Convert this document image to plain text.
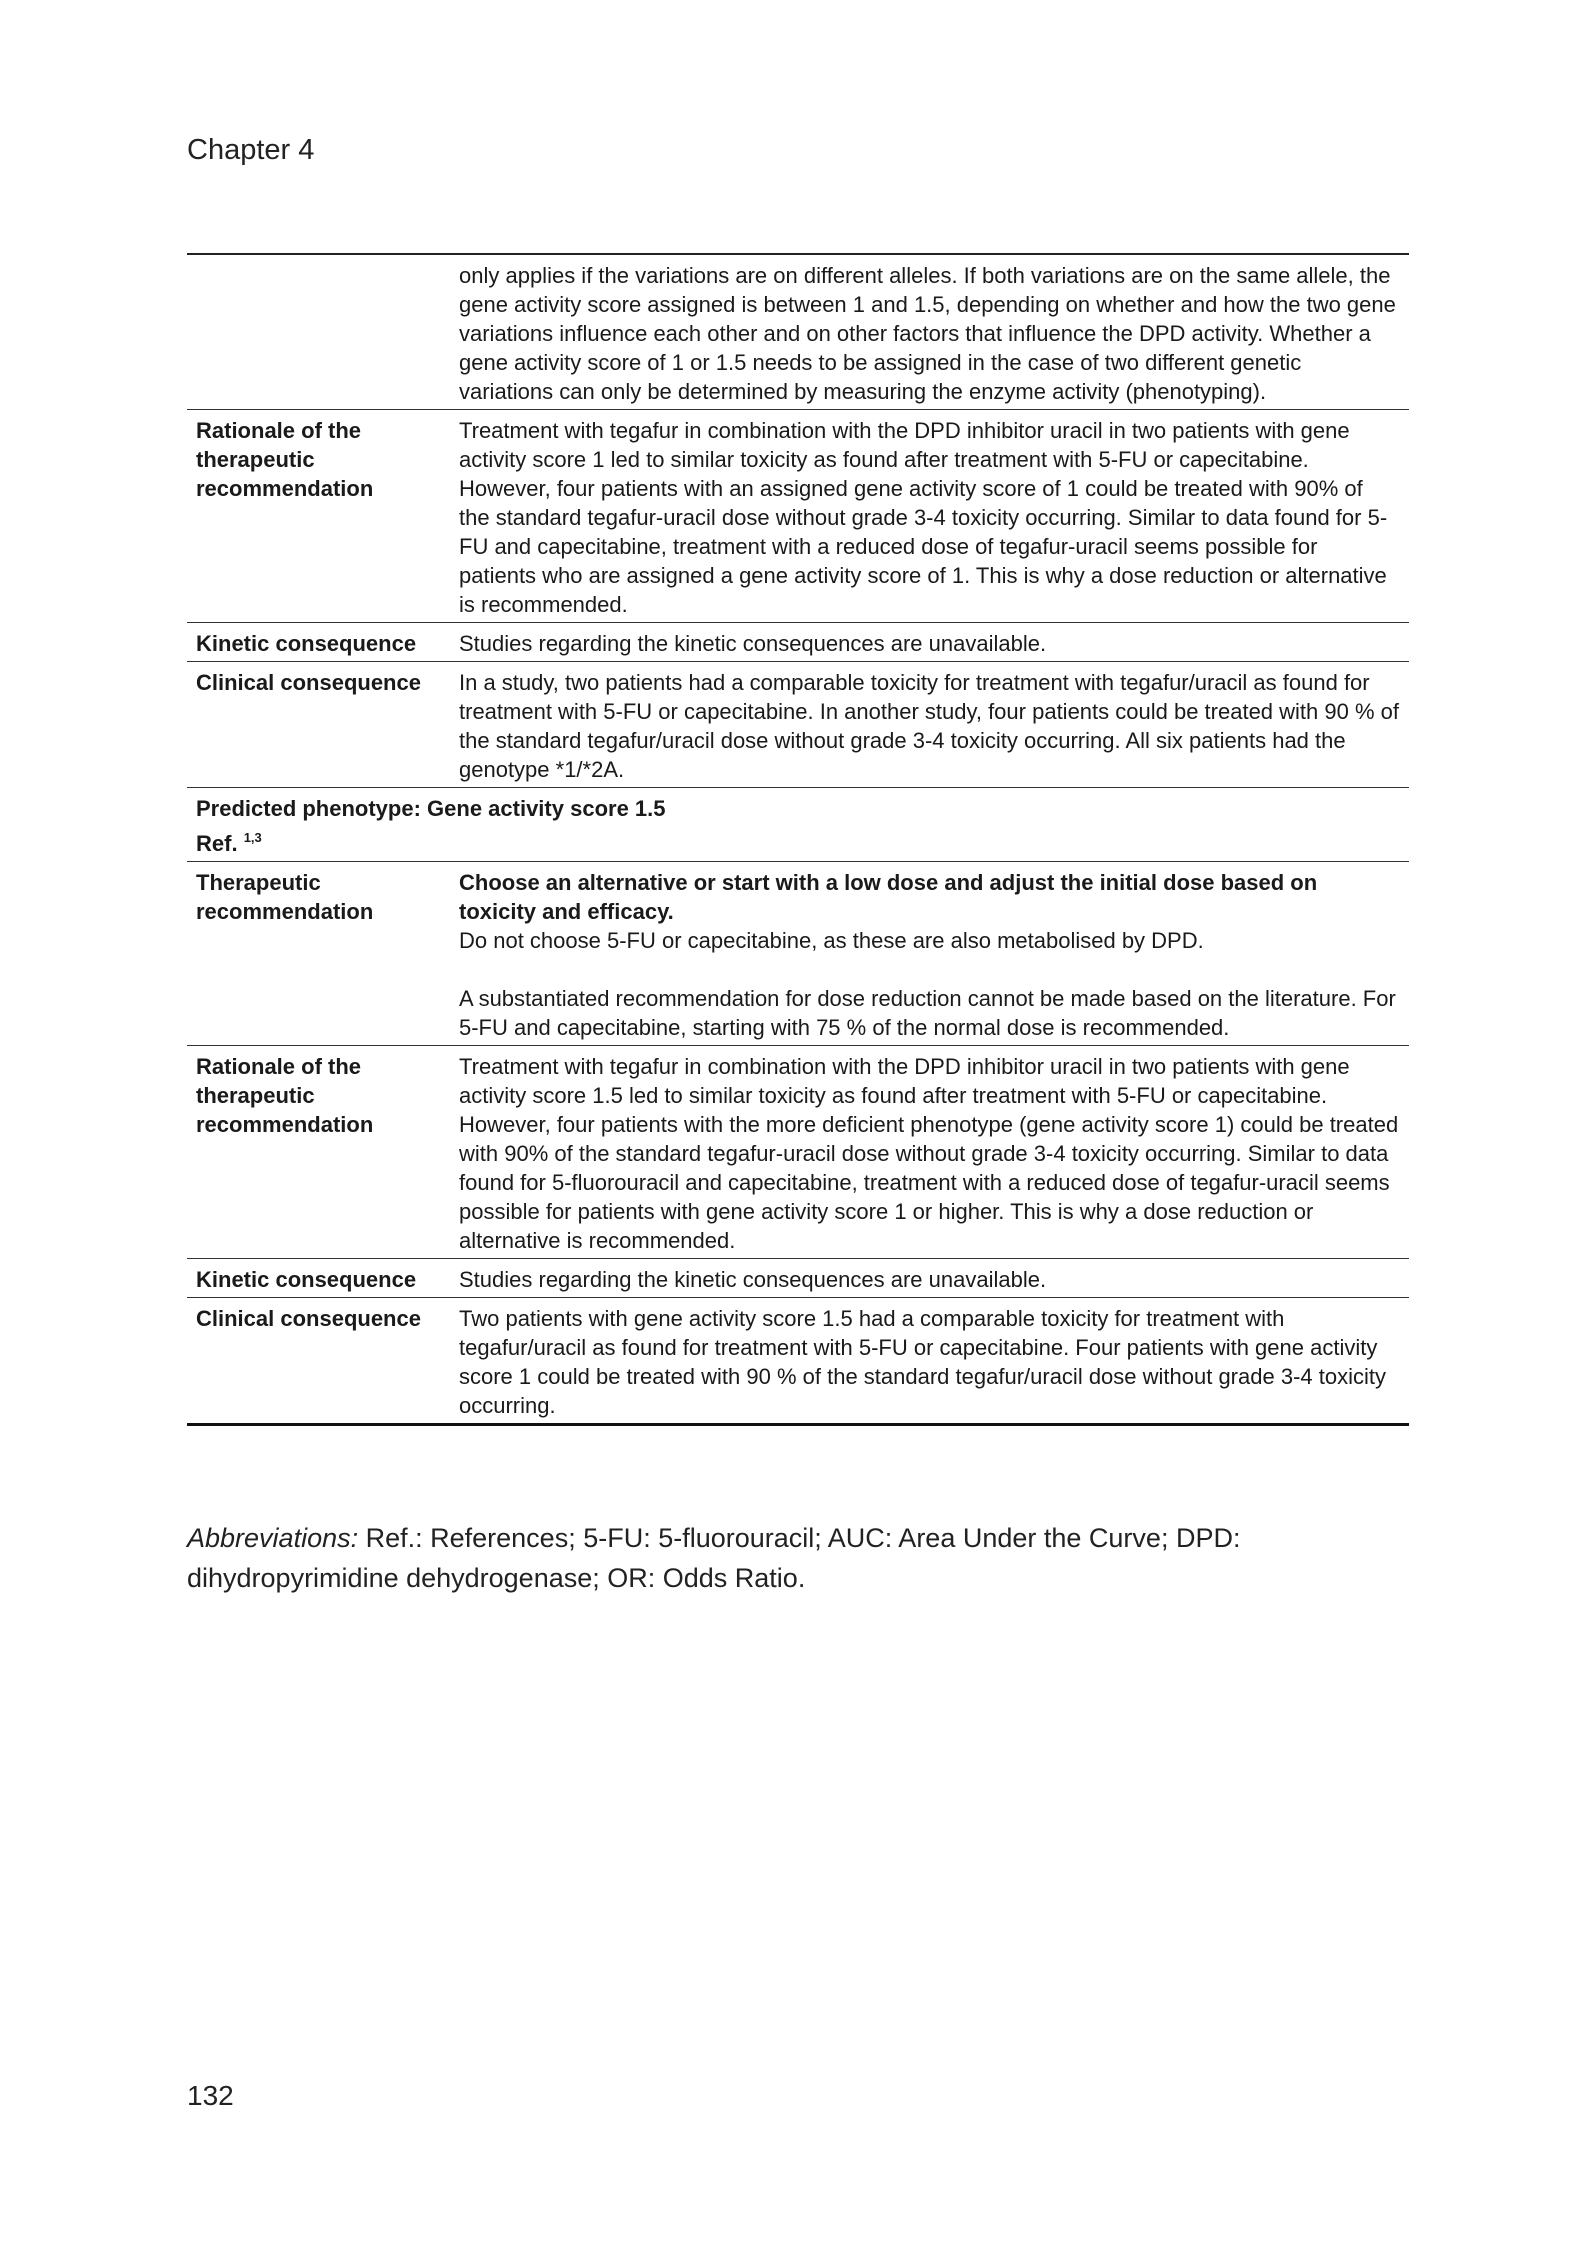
Chapter 4
	only applies if the variations are on different alleles. If both variations are on the same allele, the gene activity score assigned is between 1 and 1.5, depending on whether and how the two gene variations influence each other and on other factors that influence the DPD activity. Whether a gene activity score of 1 or 1.5 needs to be assigned in the case of two different genetic variations can only be determined by measuring the enzyme activity (phenotyping).
Rationale of the therapeutic recommendation	Treatment with tegafur in combination with the DPD inhibitor uracil in two patients with gene activity score 1 led to similar toxicity as found after treatment with 5-FU or capecitabine. However, four patients with an assigned gene activity score of 1 could be treated with 90% of the standard tegafur-uracil dose without grade 3-4 toxicity occurring. Similar to data found for 5-FU and capecitabine, treatment with a reduced dose of tegafur-uracil seems possible for patients who are assigned a gene activity score of 1. This is why a dose reduction or alternative is recommended.
Kinetic consequence	Studies regarding the kinetic consequences are unavailable.
Clinical consequence	In a study, two patients had a comparable toxicity for treatment with tegafur/uracil as found for treatment with 5-FU or capecitabine. In another study, four patients could be treated with 90 % of the standard tegafur/uracil dose without grade 3-4 toxicity occurring. All six patients had the genotype *1/*2A.

Predicted phenotype: Gene activity score 1.5
Ref. $^{1,3}$

Therapeutic recommendation	Choose an alternative or start with a low dose and adjust the initial dose based on toxicity and efficacy.
Do not choose 5-FU or capecitabine, as these are also metabolised by DPD.
A substantiated recommendation for dose reduction cannot be made based on the literature. For 5-FU and capecitabine, starting with 75 % of the normal dose is recommended.

Rationale of the therapeutic recommendation	Treatment with tegafur in combination with the DPD inhibitor uracil in two patients with gene activity score 1.5 led to similar toxicity as found after treatment with 5-FU or capecitabine. However, four patients with the more deficient phenotype (gene activity score 1) could be treated with 90% of the standard tegafur-uracil dose without grade 3-4 toxicity occurring. Similar to data found for 5-fluorouracil and capecitabine, treatment with a reduced dose of tegafur-uracil seems possible for patients with gene activity score 1 or higher. This is why a dose reduction or alternative is recommended.
Kinetic consequence	Studies regarding the kinetic consequences are unavailable.
Clinical consequence	Two patients with gene activity score 1.5 had a comparable toxicity for treatment with tegafur/uracil as found for treatment with 5-FU or capecitabine. Four patients with gene activity score 1 could be treated with 90 % of the standard tegafur/uracil dose without grade 3-4 toxicity occurring.
Abbreviations: Ref.: References; 5-FU: 5-fluorouracil; AUC: Area Under the Curve; DPD: dihydropyrimidine dehydrogenase; OR: Odds Ratio.
132
